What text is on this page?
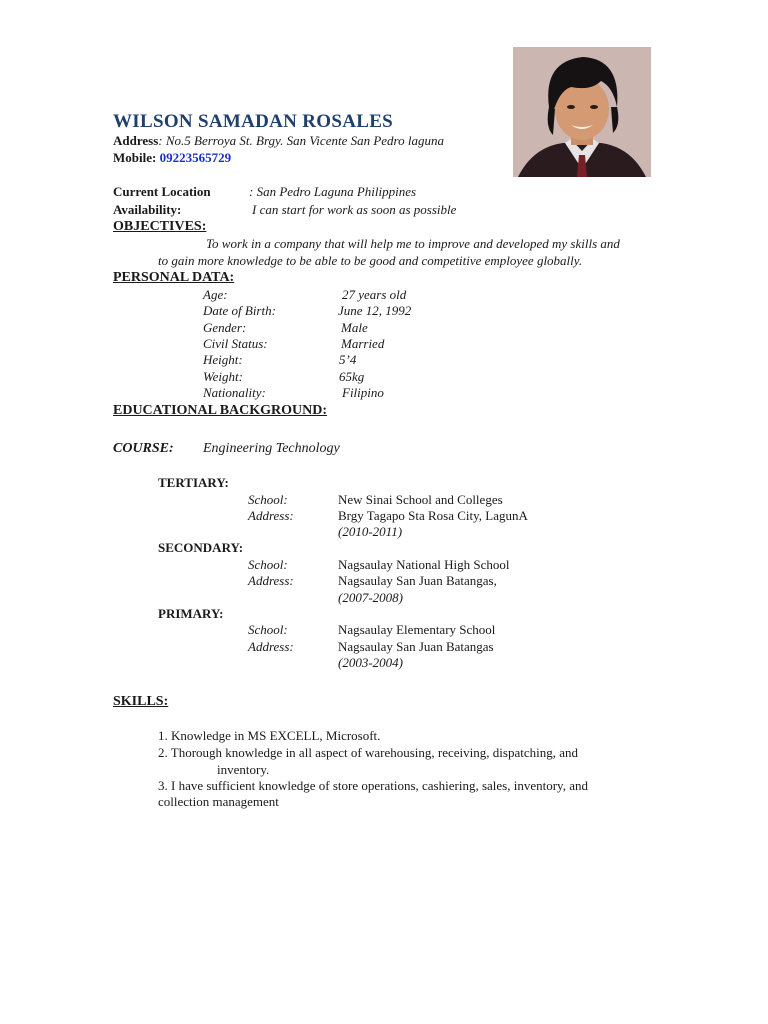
WILSON SAMADAN ROSALES
Address: No.5 Berroya St. Brgy. San Vicente San Pedro laguna
Mobile: 09223565729
Current Location	: San Pedro Laguna Philippines
Availability:	I can start for work as soon as possible
OBJECTIVES:
To work in a company that will help me to improve and developed my skills and
to gain more knowledge to be able to be good and competitive employee globally.
PERSONAL DATA:
Age:	27 years old
Date of Birth:	June 12, 1992
Gender:	Male
Civil Status:	Married
Height:	5’4
Weight:	65kg
Nationality:	Filipino
EDUCATIONAL BACKGROUND:
COURSE: Engineering Technology
TERTIARY:
School:	New Sinai School and Colleges
Address:	Brgy Tagapo Sta Rosa City, LagunA
(2010-2011)
SECONDARY:
School:	Nagsaulay National High School
Address:	Nagsaulay San Juan Batangas,
(2007-2008)
PRIMARY:
School:	Nagsaulay Elementary School
Address:	Nagsaulay San Juan Batangas
(2003-2004)
SKILLS:
1. Knowledge in MS EXCELL, Microsoft.
2. Thorough knowledge in all aspect of warehousing, receiving, dispatching, and
inventory.
3. I have sufficient knowledge of store operations, cashiering, sales, inventory, and
collection management
